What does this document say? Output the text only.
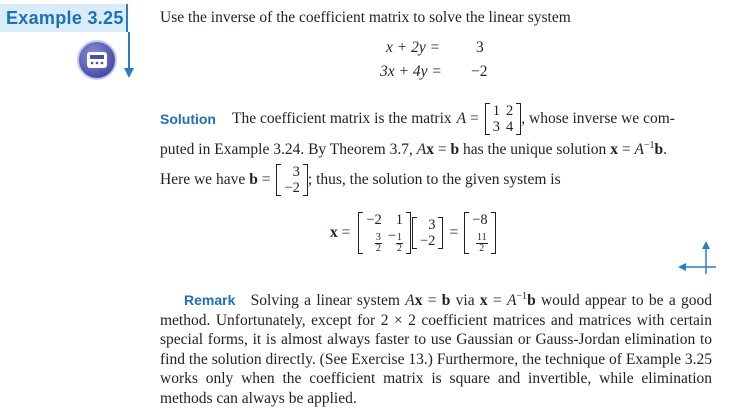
Example 3.25 Use the inverse of the coefficient matrix to solve the linear system
x + 2y = 3
3x + 4y = −2
Solution The coefficient matrix is the matrix A = 1	2
3	4 , whose inverse we com-
puted in Example 3.24. By Theorem 3.7, Ax = b has the unique solution $x = A^{-1}b$.
Here we have b = 3
−2 ; thus, the solution to the given system is
x =
−2	1

$\frac{3}{2}$	− $\frac{1}{2}$
3
−2 =
−8

$\frac{11}{2}$
Remark Solving a linear system Ax = b via $x = A^{-1}b$ would appear to be a good method. Unfortunately, except for 2 × 2 coefficient matrices and matrices with certain special forms, it is almost always faster to use Gaussian or Gauss-Jordan elimination to find the solution directly. (See Exercise 13.) Furthermore, the technique of Example 3.25 works only when the coefficient matrix is square and invertible, while elimination methods can always be applied.
